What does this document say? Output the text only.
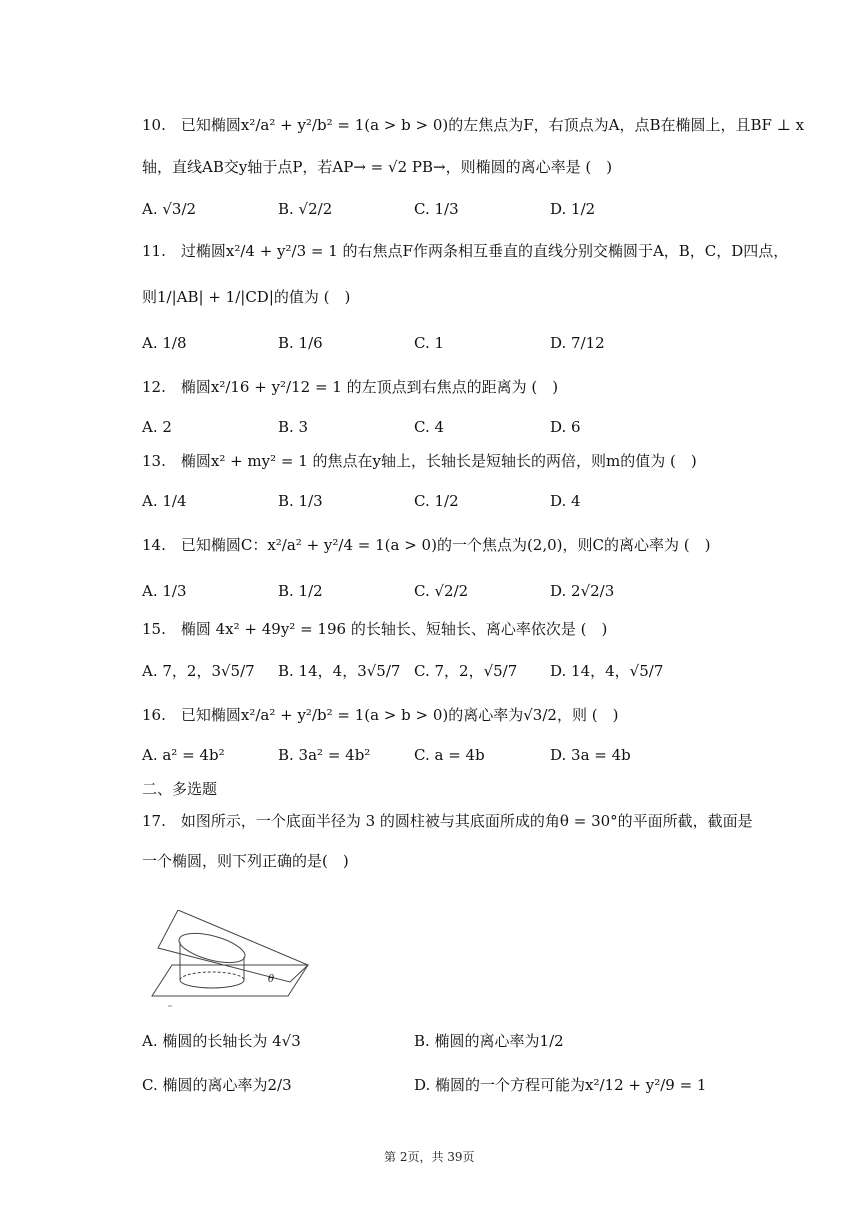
10.　已知椭圆x²/a² + y²/b² = 1(a > b > 0)的左焦点为F，右顶点为A，点B在椭圆上，且BF ⊥ x
轴，直线AB交y轴于点P，若AP→ = √2 PB→，则椭圆的离心率是 (　)
A. √3/2	B. √2/2	C. 1/3	D. 1/2
11.　过椭圆x²/4 + y²/3 = 1 的右焦点F作两条相互垂直的直线分别交椭圆于A，B，C，D四点，
则1/|AB| + 1/|CD|的值为 (　)
A. 1/8	B. 1/6	C. 1	D. 7/12
12.　椭圆x²/16 + y²/12 = 1 的左顶点到右焦点的距离为 (　)
A. 2	B. 3	C. 4	D. 6
13.　椭圆x² + my² = 1 的焦点在y轴上，长轴长是短轴长的两倍，则m的值为 (　)
A. 1/4	B. 1/3	C. 1/2	D. 4
14.　已知椭圆C：x²/a² + y²/4 = 1(a > 0)的一个焦点为(2,0)，则C的离心率为 (　)
A. 1/3	B. 1/2	C. √2/2	D. 2√2/3
15.　椭圆 4x² + 49y² = 196 的长轴长、短轴长、离心率依次是 (　)
A. 7，2，3√5/7 B. 14，4，3√5/7 C. 7，2，√5/7 D. 14，4，√5/7
16.　已知椭圆x²/a² + y²/b² = 1(a > b > 0)的离心率为√3/2，则 (　)
A. a² = 4b²	B. 3a² = 4b²	C. a = 4b	D. 3a = 4b
二、多选题
17.　如图所示，一个底面半径为 3 的圆柱被与其底面所成的角θ = 30°的平面所截，截面是
一个椭圆，则下列正确的是(　)
θ
A. 椭圆的长轴长为 4√3	B. 椭圆的离心率为1/2
C. 椭圆的离心率为2/3	D. 椭圆的一个方程可能为x²/12 + y²/9 = 1
第 2页，共 39页
